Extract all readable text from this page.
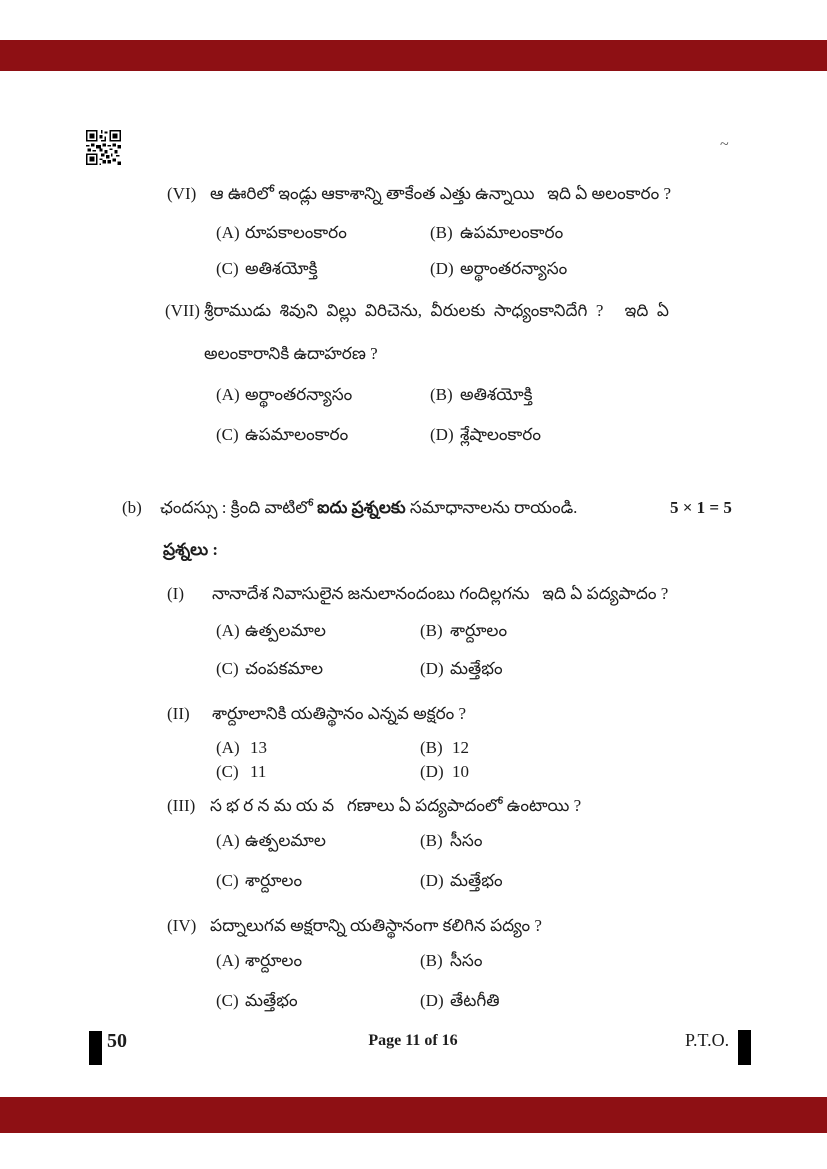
~
(VI) ఆ ఊరిలో ఇండ్లు ఆకాశాన్ని తాకేంత ఎత్తు ఉన్నాయి   ఇది ఏ అలంకారం ?
(A) రూపకాలంకారం	(B) ఉపమాలంకారం
(C) అతిశయోక్తి	(D) అర్థాంతరన్యాసం
(VII) శ్రీరాముడు  శివుని  విల్లు  విరిచెను,  వీరులకు  సాధ్యంకానిదేగి  ?     ఇది  ఏ
అలంకారానికి ఉదాహరణ ?
(A) అర్థాంతరన్యాసం	(B) అతిశయోక్తి
(C) ఉపమాలంకారం	(D) శ్లేషాలంకారం
(b) ఛందస్సు : క్రింది వాటిలో ఐదు ప్రశ్నలకు సమాధానాలను రాయండి.	5 × 1 = 5
ప్రశ్నలు :
(I) నానాదేశ నివాసులైన జనులానందంబు గందిల్లగను   ఇది ఏ పద్యపాదం ?
(A) ఉత్పలమాల	(B) శార్దూలం
(C) చంపకమాల	(D) మత్తేభం
(II) శార్దూలానికి యతిస్థానం ఎన్నవ అక్షరం ?
(A) 13	(B) 12
(C) 11	(D) 10
(III) స భ ర న మ య వ   గణాలు ఏ పద్యపాదంలో ఉంటాయి ?
(A) ఉత్పలమాల	(B) సీసం
(C) శార్దూలం	(D) మత్తేభం
(IV) పద్నాలుగవ అక్షరాన్ని యతిస్థానంగా కలిగిన పద్యం ?
(A) శార్దూలం	(B) సీసం
(C) మత్తేభం	(D) తేటగీతి
50	Page 11 of 16	P.T.O.
